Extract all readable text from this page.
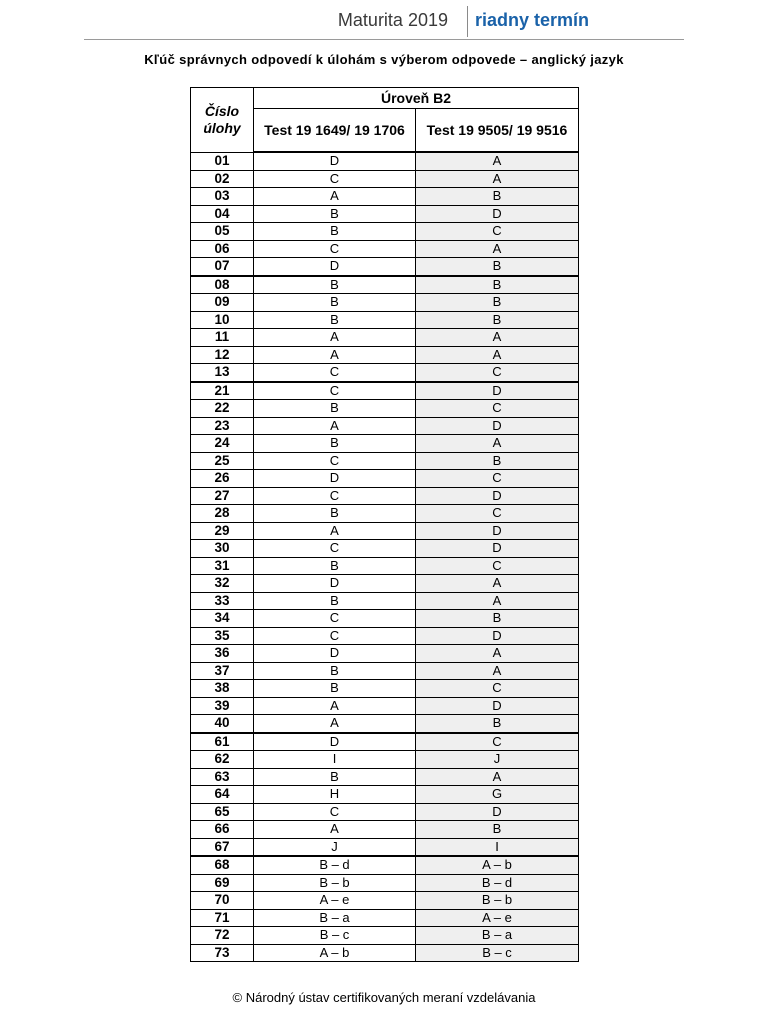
Maturita 2019 riadny termín
Kľúč správnych odpovedí k úlohám s výberom odpovede – anglický jazyk
Číslo úlohy	Úroveň B2	
	Test 19 1649/ 19 1706	Test 19 9505/ 19 9516
01	D	A
02	C	A
03	A	B
04	B	D
05	B	C
06	C	A
07	D	B
08	B	B
09	B	B
10	B	B
11	A	A
12	A	A
13	C	C
21	C	D
22	B	C
23	A	D
24	B	A
25	C	B
26	D	C
27	C	D
28	B	C
29	A	D
30	C	D
31	B	C
32	D	A
33	B	A
34	C	B
35	C	D
36	D	A
37	B	A
38	B	C
39	A	D
40	A	B
61	D	C
62	I	J
63	B	A
64	H	G
65	C	D
66	A	B
67	J	I
68	B – d	A – b
69	B – b	B – d
70	A – e	B – b
71	B – a	A – e
72	B – c	B – a
73	A – b	B – c
© Národný ústav certifikovaných meraní vzdelávania
